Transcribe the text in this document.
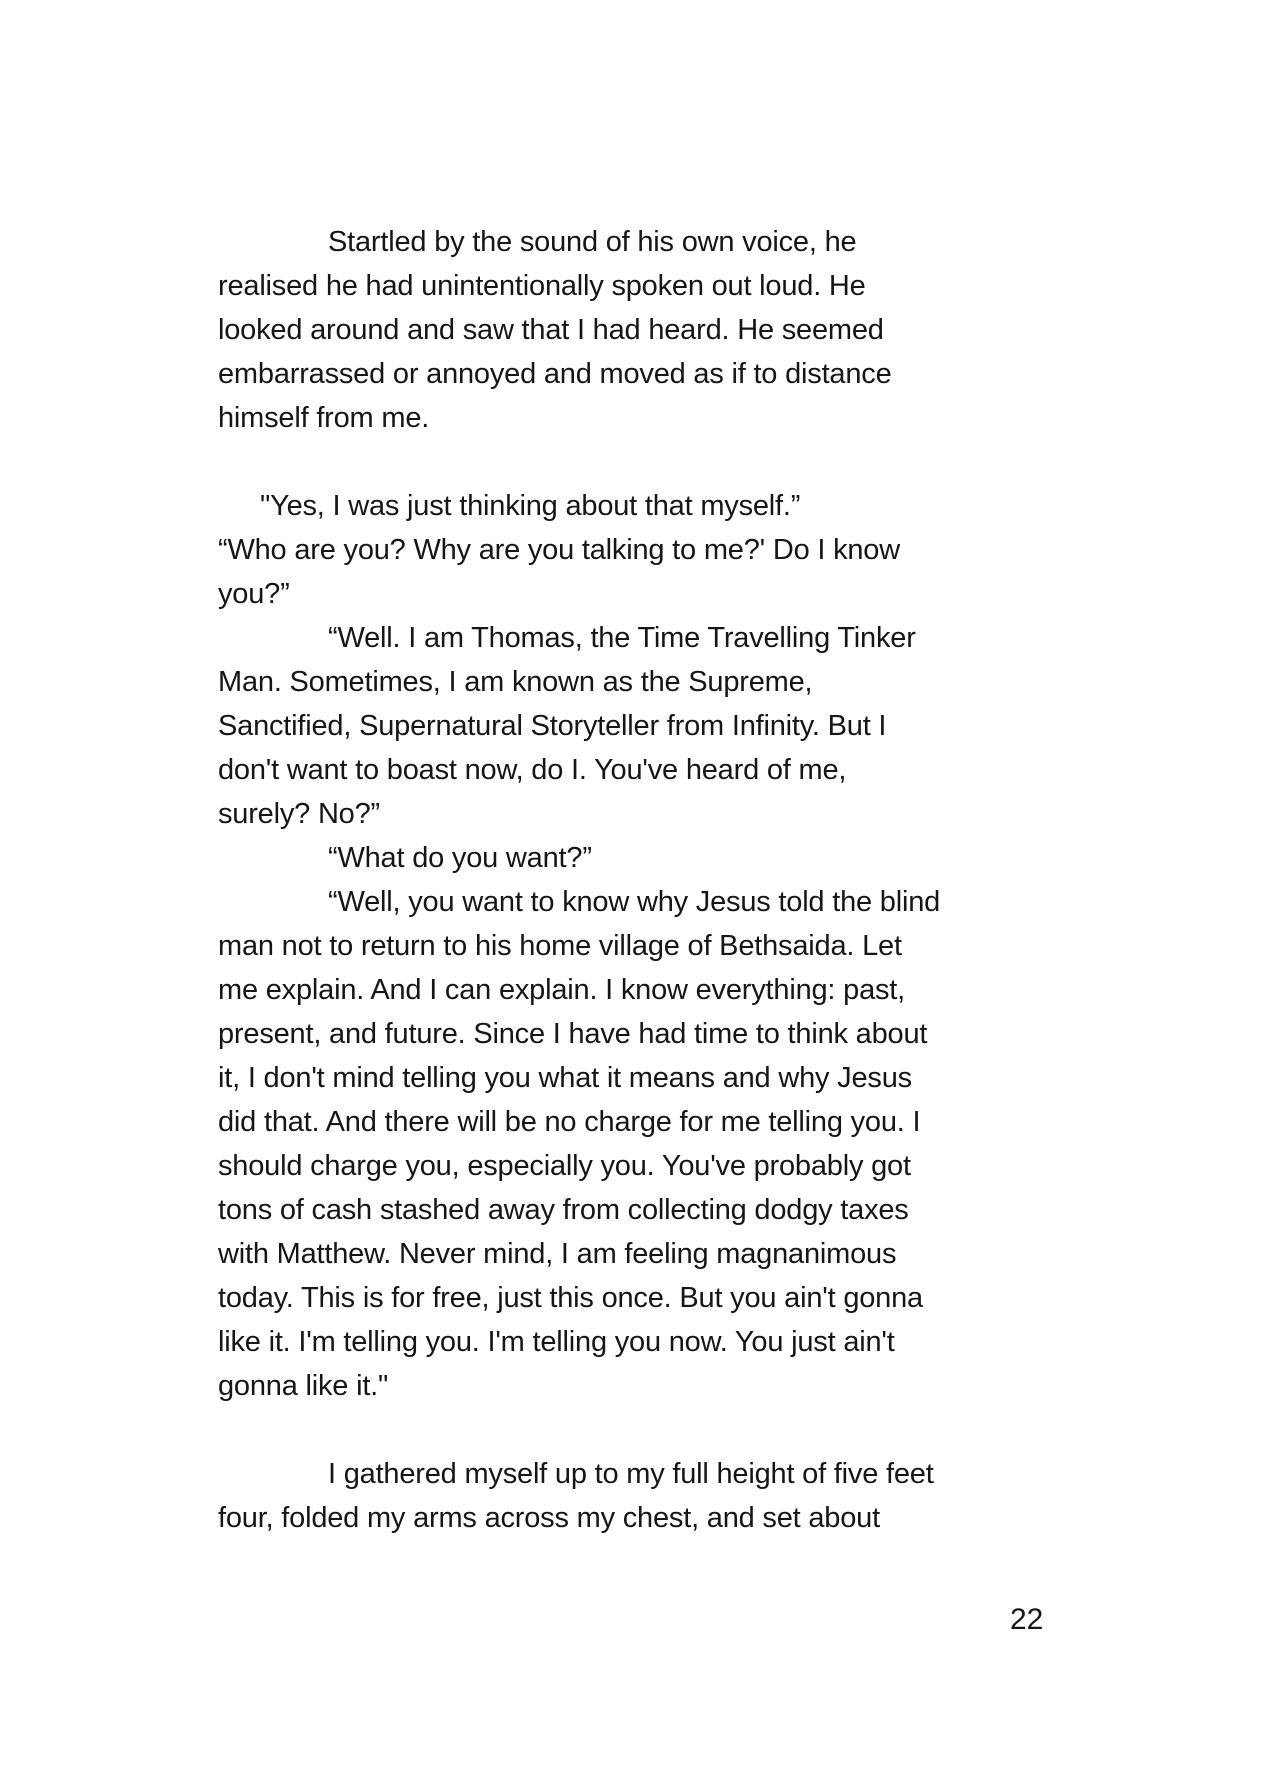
Startled by the sound of his own voice, he
realised he had unintentionally spoken out loud. He
looked around and saw that I had heard. He seemed
embarrassed or annoyed and moved as if to distance
himself from me.

"Yes, I was just thinking about that myself.”
“Who are you? Why are you talking to me?' Do I know
you?”
“Well. I am Thomas, the Time Travelling Tinker
Man. Sometimes, I am known as the Supreme,
Sanctified, Supernatural Storyteller from Infinity. But I
don't want to boast now, do I. You've heard of me,
surely? No?”
“What do you want?”
“Well, you want to know why Jesus told the blind
man not to return to his home village of Bethsaida. Let
me explain. And I can explain. I know everything: past,
present, and future. Since I have had time to think about
it, I don't mind telling you what it means and why Jesus
did that. And there will be no charge for me telling you. I
should charge you, especially you. You've probably got
tons of cash stashed away from collecting dodgy taxes
with Matthew. Never mind, I am feeling magnanimous
today. This is for free, just this once. But you ain't gonna
like it. I'm telling you. I'm telling you now. You just ain't
gonna like it."

I gathered myself up to my full height of five feet
four, folded my arms across my chest, and set about
22
